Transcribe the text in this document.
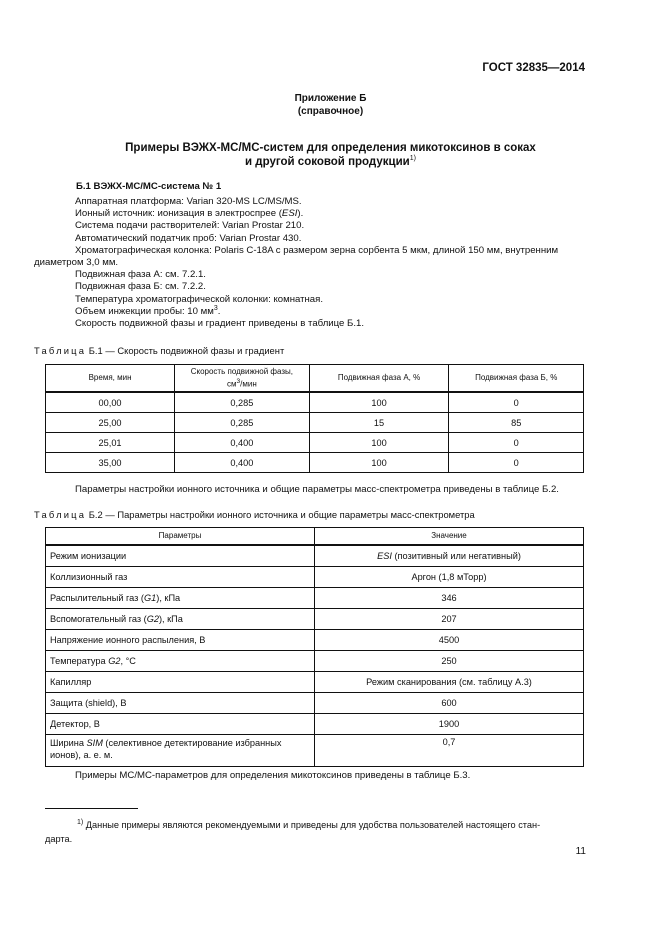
ГОСТ 32835—2014
Приложение Б
(справочное)
Примеры ВЭЖХ-МС/МС-систем для определения микотоксинов в соках
и другой соковой продукции$^{1)}$
Б.1 ВЭЖХ-МС/МС-система № 1
Аппаратная платформа: Varian 320-MS LC/MS/MS.
Ионный источник: ионизация в электроспрее (ESI).
Система подачи растворителей: Varian Prostar 210.
Автоматический податчик проб: Varian Prostar 430.
Хроматографическая колонка: Polaris C-18A с размером зерна сорбента 5 мкм, длиной 150 мм, внутренним
диаметром 3,0 мм.
Подвижная фаза А: см. 7.2.1.
Подвижная фаза Б: см. 7.2.2.
Температура хроматографической колонки: комнатная.
Объем инжекции пробы: 10 $мм^3$.
Скорость подвижной фазы и градиент приведены в таблице Б.1.
Таблица Б.1 — Скорость подвижной фазы и градиент
Время, мин	Скорость подвижной фазы,
$см^3$/мин	Подвижная фаза А, %	Подвижная фаза Б, %
00,00	0,285	100	0
25,00	0,285	15	85
25,01	0,400	100	0
35,00	0,400	100	0
Параметры настройки ионного источника и общие параметры масс-спектрометра приведены в таблице Б.2.
Таблица Б.2 — Параметры настройки ионного источника и общие параметры масс-спектрометра
Параметры	Значение
Режим ионизации	ESI (позитивный или негативный)
Коллизионный газ	Аргон (1,8 мТорр)
Распылительный газ (G1), кПа	346
Вспомогательный газ (G2), кПа	207
Напряжение ионного распыления, В	4500
Температура G2, °С	250
Капилляр	Режим сканирования (см. таблицу А.3)
Защита (shield), В	600
Детектор, В	1900
Ширина SIM (селективное детектирование избранных
ионов), а. е. м.	0,7
Примеры МС/МС-параметров для определения микотоксинов приведены в таблице Б.3.
$^{1)}$ Данные примеры являются рекомендуемыми и приведены для удобства пользователей настоящего стан-
дарта.
11
